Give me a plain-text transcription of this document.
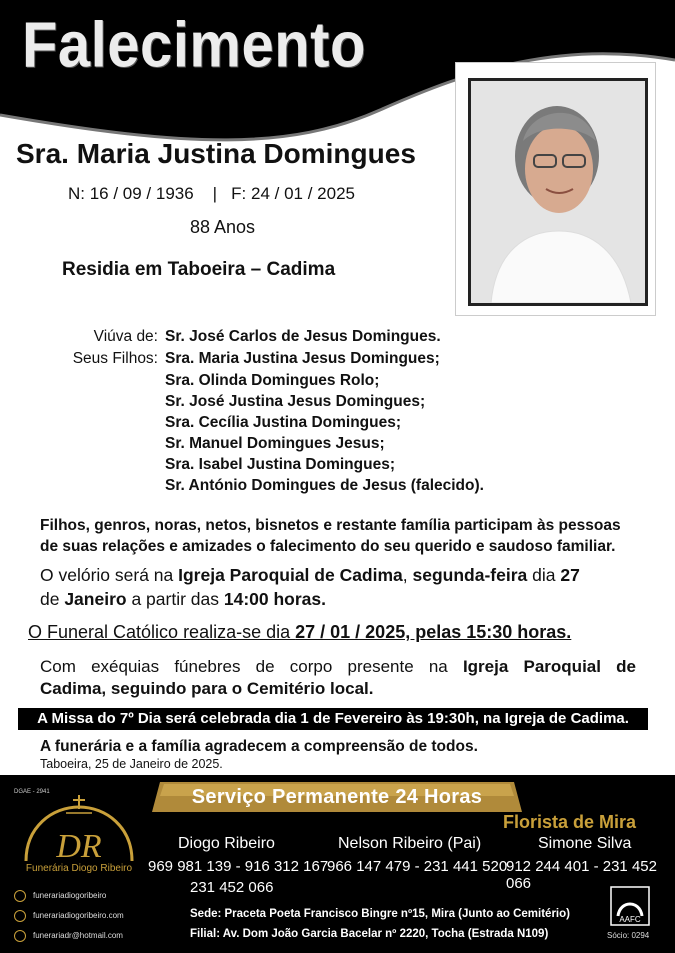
Falecimento
Sra. Maria Justina Domingues
N: 16 / 09 / 1936    |   F: 24 / 01 / 2025
88 Anos
Residia em Taboeira – Cadima
Viúva de: Sr. José Carlos de Jesus Domingues.
Seus Filhos: Sra. Maria Justina Jesus Domingues;
Sra. Olinda Domingues Rolo;
Sr. José Justina Jesus Domingues;
Sra. Cecília Justina Domingues;
Sr. Manuel Domingues Jesus;
Sra. Isabel Justina Domingues;
Sr. António Domingues de Jesus (falecido).
Filhos, genros, noras, netos, bisnetos e restante família participam às pessoas
de suas relações e amizades o falecimento do seu querido e saudoso familiar.
O velório será na Igreja Paroquial de Cadima, segunda-feira dia 27
de Janeiro a partir das 14:00 horas.
O Funeral Católico realiza-se dia 27 / 01 / 2025, pelas 15:30 horas.
Com exéquias fúnebres de corpo presente na Igreja Paroquial de
Cadima, seguindo para o Cemitério local.
A Missa do 7º Dia será celebrada dia 1 de Fevereiro às 19:30h, na Igreja de Cadima.
A funerária e a família agradecem a compreensão de todos.
Taboeira, 25 de Janeiro de 2025.
Serviço Permanente 24 Horas
DGAE - 2941
DR
Funerária Diogo Ribeiro
funerariadiogoribeiro
funerariadiogoribeiro.com
funerariadr@hotmail.com
Diogo Ribeiro
969 981 139 - 916 312 167
231 452 066
Nelson Ribeiro (Pai)
966 147 479 - 231 441 520
Florista de Mira
Simone Silva
912 244 401 - 231 452 066
Sede: Praceta Poeta Francisco Bingre nº15, Mira (Junto ao Cemitério)
Filial: Av. Dom João Garcia Bacelar nº 2220, Tocha (Estrada N109)
AAFC
Sócio: 0294
